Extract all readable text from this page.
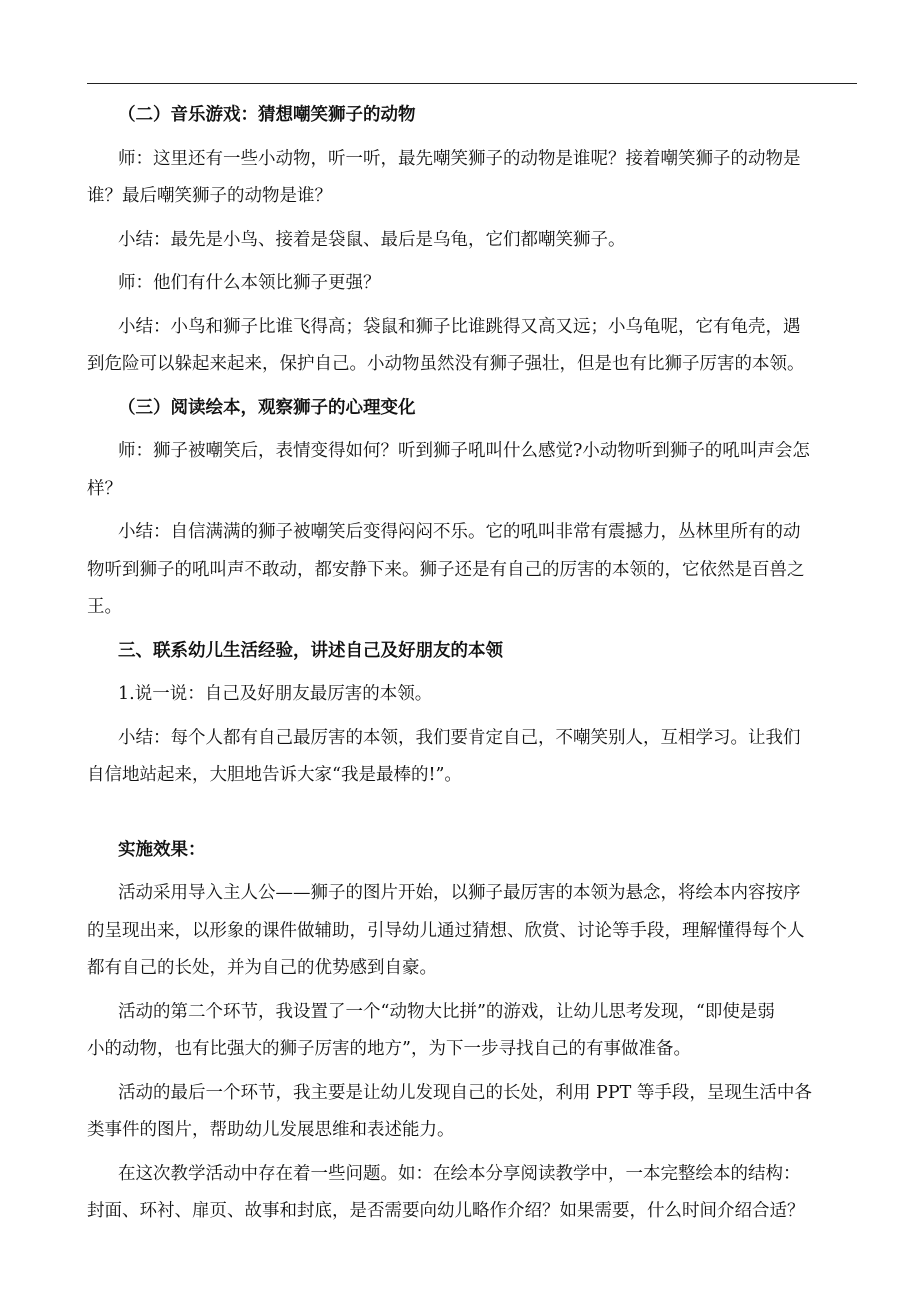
（二）音乐游戏：猜想嘲笑狮子的动物

师：这里还有一些小动物，听一听，最先嘲笑狮子的动物是谁呢？接着嘲笑狮子的动物是

谁？最后嘲笑狮子的动物是谁？

小结：最先是小鸟、接着是袋鼠、最后是乌龟，它们都嘲笑狮子。

师：他们有什么本领比狮子更强？

小结：小鸟和狮子比谁飞得高；袋鼠和狮子比谁跳得又高又远；小乌龟呢，它有龟壳，遇

到危险可以躲起来起来，保护自己。小动物虽然没有狮子强壮，但是也有比狮子厉害的本领。

（三）阅读绘本，观察狮子的心理变化

师：狮子被嘲笑后，表情变得如何？听到狮子吼叫什么感觉?小动物听到狮子的吼叫声会怎

样？

小结：自信满满的狮子被嘲笑后变得闷闷不乐。它的吼叫非常有震撼力，丛林里所有的动

物听到狮子的吼叫声不敢动，都安静下来。狮子还是有自己的厉害的本领的，它依然是百兽之

王。

三、联系幼儿生活经验，讲述自己及好朋友的本领

1.说一说：自己及好朋友最厉害的本领。

小结：每个人都有自己最厉害的本领，我们要肯定自己，不嘲笑别人，互相学习。让我们

自信地站起来，大胆地告诉大家“我是最棒的!”。

实施效果：

活动采用导入主人公——狮子的图片开始，以狮子最厉害的本领为悬念，将绘本内容按序

的呈现出来，以形象的课件做辅助，引导幼儿通过猜想、欣赏、讨论等手段，理解懂得每个人

都有自己的长处，并为自己的优势感到自豪。

活动的第二个环节，我设置了一个“动物大比拼”的游戏，让幼儿思考发现，“即使是弱

小的动物，也有比强大的狮子厉害的地方”，为下一步寻找自己的有事做准备。

活动的最后一个环节，我主要是让幼儿发现自己的长处，利用 PPT 等手段，呈现生活中各

类事件的图片，帮助幼儿发展思维和表述能力。

在这次教学活动中存在着一些问题。如：在绘本分享阅读教学中，一本完整绘本的结构：

封面、环衬、扉页、故事和封底，是否需要向幼儿略作介绍？如果需要，什么时间介绍合适？
